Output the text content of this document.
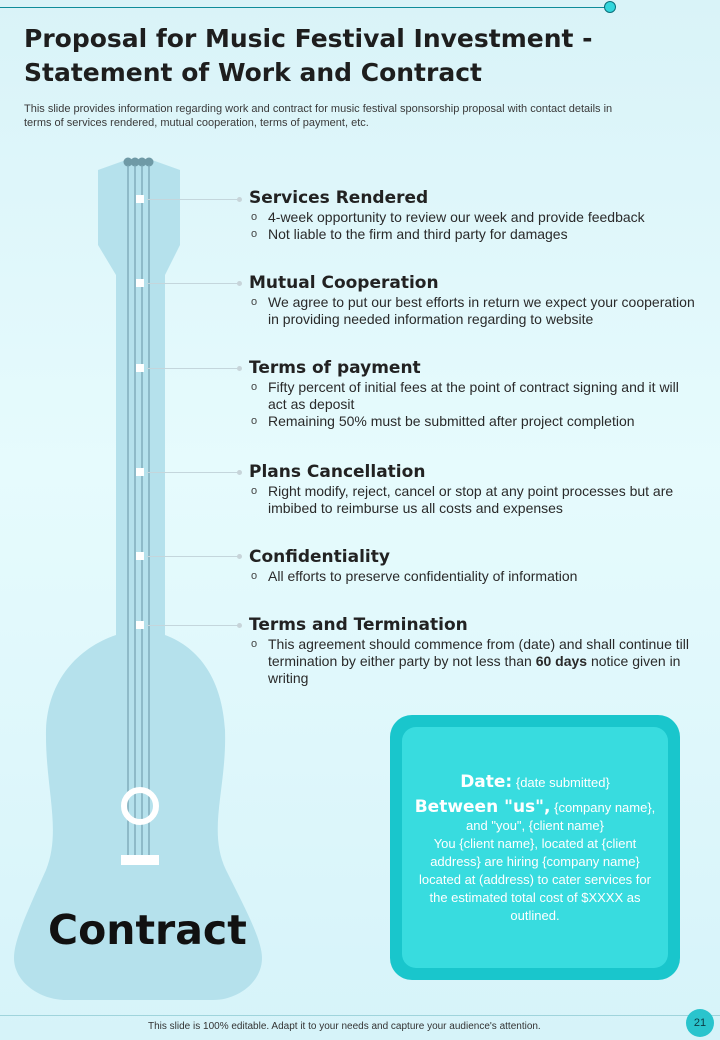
Proposal for Music Festival Investment -
Statement of Work and Contract
This slide provides information regarding work and contract for music festival sponsorship proposal with contact details in
terms of services rendered, mutual cooperation, terms of payment, etc.
Contract
Services Rendered
o 4-week opportunity to review our week and provide feedback
o Not liable to the firm and third party for damages
Mutual Cooperation
o We agree to put our best efforts in return we expect your cooperation in providing needed information regarding to website
Terms of payment
o Fifty percent of initial fees at the point of contract signing and it will act as deposit
o Remaining 50% must be submitted after project completion
Plans Cancellation
o Right modify, reject, cancel or stop at any point processes but are imbibed to reimburse us all costs and expenses
Confidentiality
o All efforts to preserve confidentiality of information
Terms and Termination
o This agreement should commence from (date) and shall continue till termination by either party by not less than 60 days notice given in writing

Date: {date submitted}

Between "us", {company name},

and "you", {client name}

You {client name}, located at {client address} are hiring {company name} located at (address) to cater services for the estimated total cost of $XXXX as outlined.

This slide is 100% editable. Adapt it to your needs and capture your audience's attention.	21
